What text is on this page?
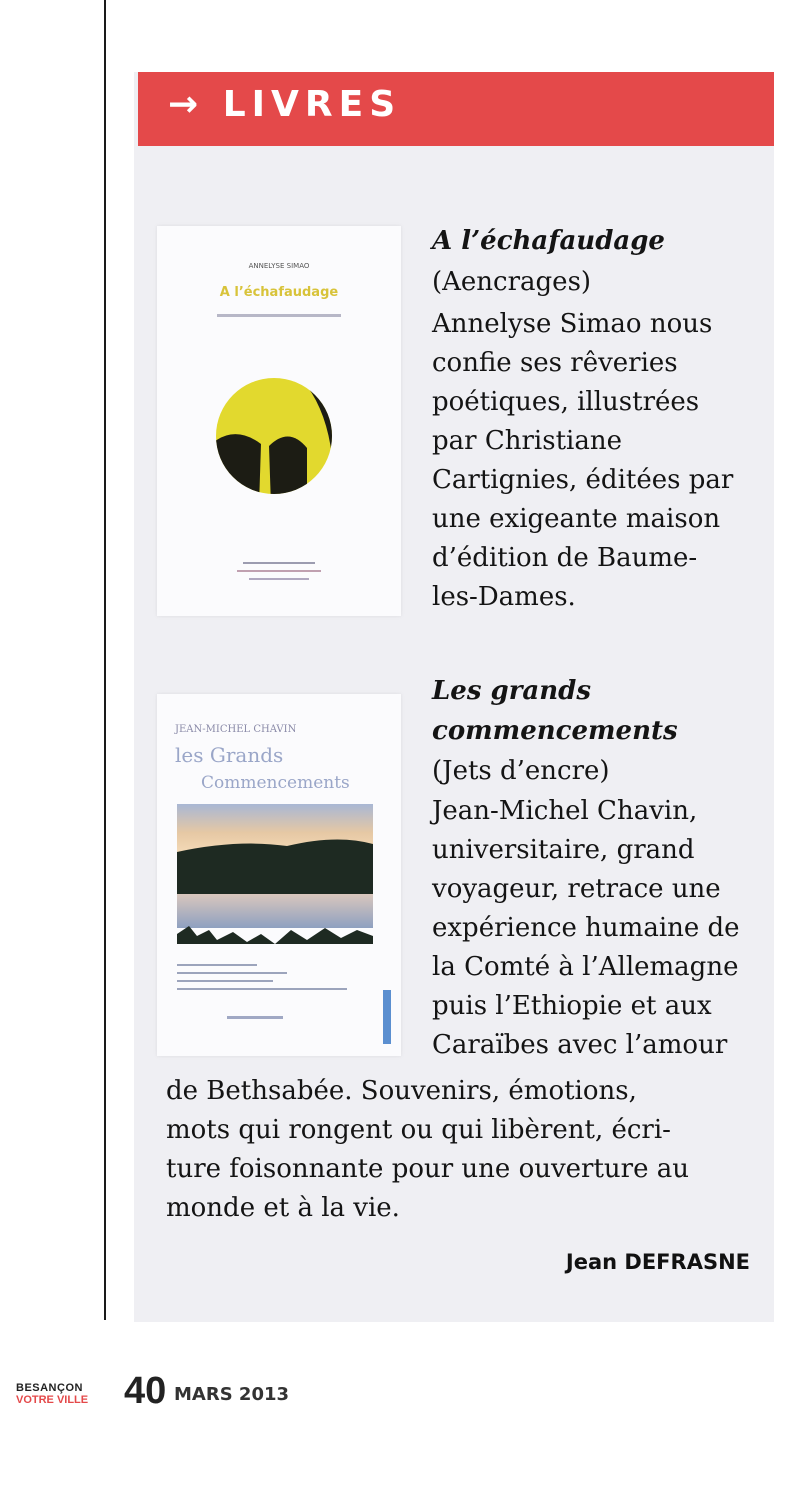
→ LIVRES
ANNELYSE SIMAO
A l’échafaudage
A l’échafaudage
(Aencrages)
Annelyse Simao nous
confie ses rêveries
poétiques, illustrées
par Christiane
Cartignies, éditées par
une exigeante maison
d’édition de Baume-
les-Dames.
JEAN-MICHEL CHAVIN
les Grands
Commencements
Les grands
commencements
(Jets d’encre)
Jean-Michel Chavin,
universitaire, grand
voyageur, retrace une
expérience humaine de
la Comté à l’Allemagne
puis l’Ethiopie et aux
Caraïbes avec l’amour
de Bethsabée. Souvenirs, émotions,
mots qui rongent ou qui libèrent, écri-
ture foisonnante pour une ouverture au
monde et à la vie.
Jean DEFRASNE
BESANÇON
VOTRE VILLE 40 MARS 2013
